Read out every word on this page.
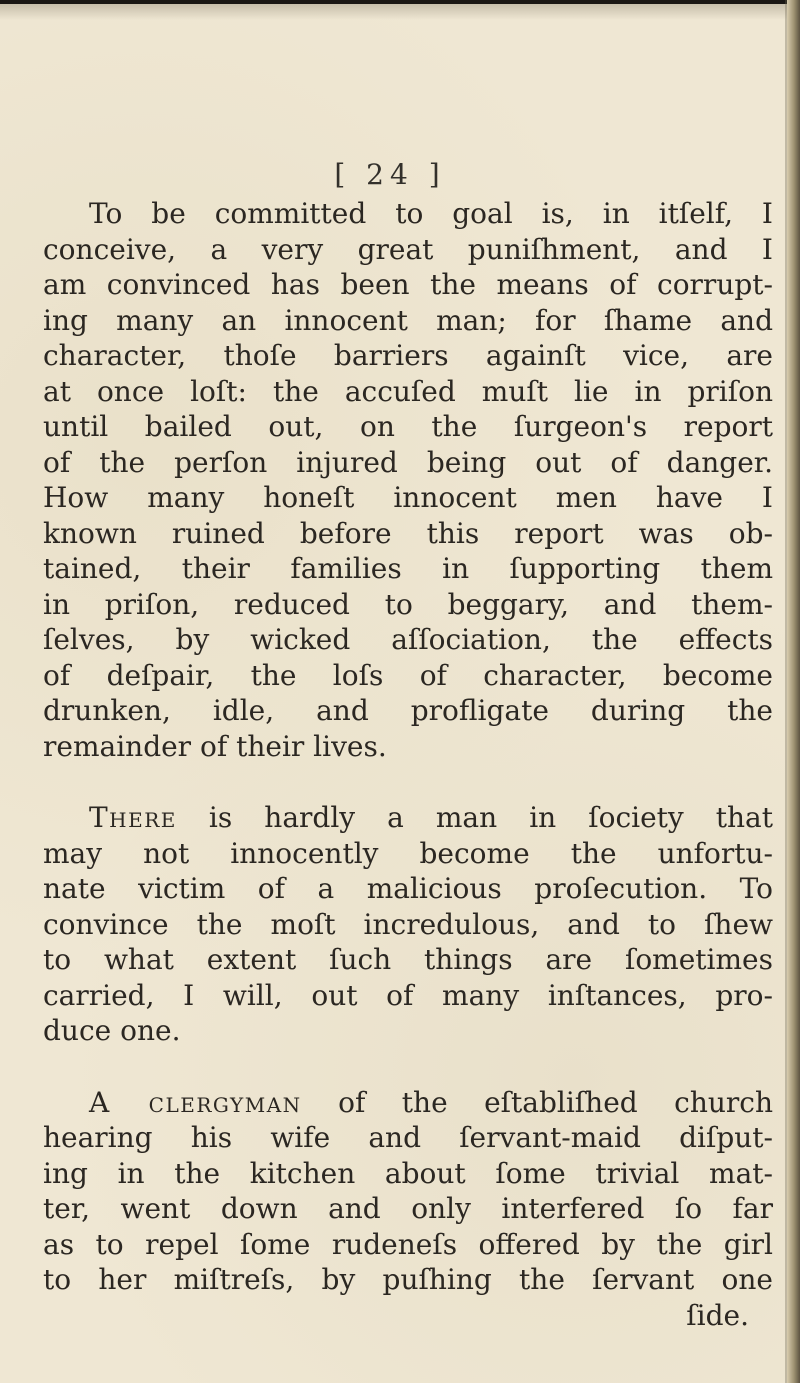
[ 24 ]
To be committed to goal is, in itſelf, I
conceive, a very great puniſhment, and I
am convinced has been the means of corrupt-
ing many an innocent man; for ſhame and
character, thoſe barriers againſt vice, are
at once loſt: the accuſed muſt lie in priſon
until bailed out, on the ſurgeon's report
of the perſon injured being out of danger.
How many honeſt innocent men have I
known ruined before this report was ob-
tained, their families in ſupporting them
in priſon, reduced to beggary, and them-
ſelves, by wicked aſſociation, the effects
of deſpair, the loſs of character, become
drunken, idle, and profligate during the
remainder of their lives.
There is hardly a man in ſociety that
may not innocently become the unfortu-
nate victim of a malicious proſecution. To
convince the moſt incredulous, and to ſhew
to what extent ſuch things are ſometimes
carried, I will, out of many inſtances, pro-
duce one.
A clergyman of the eſtabliſhed church
hearing his wife and ſervant-maid diſput-
ing in the kitchen about ſome trivial mat-
ter, went down and only interfered ſo far
as to repel ſome rudeneſs offered by the girl
to her miſtreſs, by puſhing the ſervant one
ſide.
